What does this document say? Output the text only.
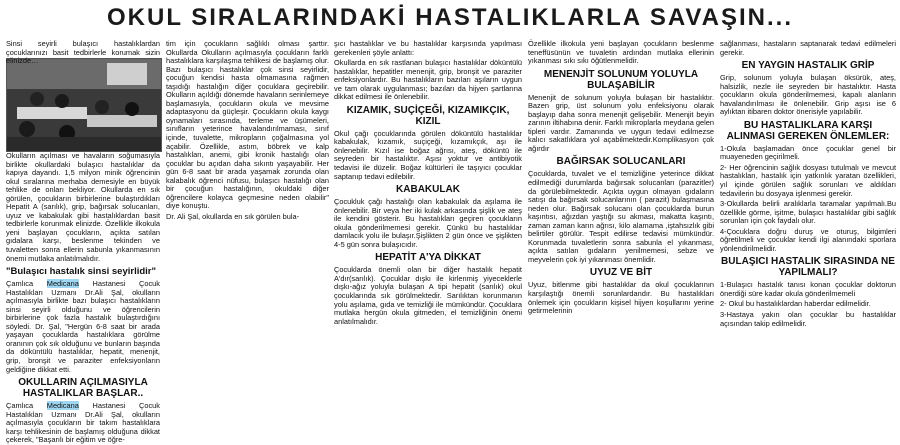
OKUL SIRALARINDAKİ HASTALIKLARLA SAVAŞIN...

Sinsi seyirli bulaşıcı hastalıklardan çocuklarınızı basit tedbirlerle korumak sizin elinizde…

Okulların açılması ve havaların soğumasıyla birlikte okullardaki bulaşıcı hastalıklar da kapıya dayandı. 1,5 milyon minik öğrencinin okul sıralarına merhaba demesiyle en büyük tehlike de onları bekliyor. Okullarda en sık görülen, çocukların birbirlerine bulaştırdıkları Hepatit A (sarılık), grip, bağırsak solucanları, uyuz ve kabakulak gibi hastalıklardan basit tedbirlerle korunmak elinizde. Özellikle ilkokula yeni başlayan çocukların, açıkta satılan gıdalara karşı, beslenme tekinden ve tuvaletten sonra ellerin sabunla yıkanmasının önemi mutlaka anlatılmalıdır.

"Bulaşıcı hastalık sinsi seyirlidir"

Çamlıca Medicana Hastanesi Çocuk Hastalıkları Uzmanı Dr.Ali Şal, okulların açılmasıyla birlikte bazı bulaşıcı hastalıkların sinsi seyirli olduğunu ve öğrencilerin birbirlerine çok fazla hastalık bulaştırdığını söyledi. Dr. Şal, "Hergün 6-8 saat bir arada yaşayan çocuklarda hastalıklara görülme oranının çok sık olduğunu ve bunların başında da döküntülü hastalıklar, hepatit, menenjit, grip, bronşit ve paraziter enfeksiyonların geldiğine dikkat etti.

OKULLARIN AÇILMASIYLA HASTALIKLAR BAŞLAR..

Çamlıca Medicana Hastanesi Çocuk Hastalıkları Uzmanı Dr.Ali Şal, okulların açılmasıyla çocukların bir takım hastalıklara karşı tehlikesinin de başlamış olduğuna dikkat çekerek, "Başarılı bir eğitim ve öğre-

tim için çocukların sağlıklı olması şarttır. Okullarda Okulların açılmasıyla çocukların farklı hastalıklara karşılaşma tehlikesi de başlamış olur. Bazı bulaşıcı hastalıklar çok sinsi seyirlidir, çocuğun kendisi hasta olmamasına rağmen taşıdığı hastalığın diğer çocuklara geçirebilir. Okulların açıldığı dönemde havaların serinlemeye başlamasıyla, çocukların okula ve mevsime adaptasyonu da güçleşir. Çocukların okula kaygı oynamaları sırasında, terleme ve üşümeleri, sınıfların yeterince havalandırılmaması, sınıf içinde, tuvalette, mikropların çoğalmasına yol açabilir. Özellikle, astım, böbrek ve kalp hastalıkları, anemi, gibi kronik hastalığı olan çocuklar bu açıdan daha sıkıntı yaşayabilir. Her gün 6-8 saat bir arada yaşamak zorunda olan kalabalık öğrenci nüfusu, bulaşıcı hastalığı olan bir çocuğun hastalığının, okuldaki diğer öğrencilere kolayca geçmesine neden olabilir" diye konuştu.

Dr. Ali Şal, okullarda en sık görülen bula-

şıcı hastalıklar ve bu hastalıklar karşısında yapılması gerekenleri şöyle anlattı:

Okullarda en sık rastlanan bulaşıcı hastalıklar döküntülü hastalıklar, hepatitler menenjit, grip, bronşit ve paraziter enfeksiyonlardır. Bu hastalıkların bazıları aşıların uygun ve tam olarak uygulanması; bazıları da hijyen şartlarına dikkat edilmesi ile önlenebilir.

KIZAMIK, SUÇİÇEĞİ, KIZAMIKÇIK, KIZIL

Okul çağı çocuklarında görülen döküntülü hastalıklar kabakulak, kızamık, suçiçeği, kızamıkçık, aşı ile önlenebilir. Kızıl ise boğaz ağrısı, ateş, döküntü ile seyreden bir hastalıktır. Aşısı yoktur ve antibiyotik tedavisi ile düzelir. Boğaz kültürleri ile taşıyıcı çocuklar saptanıp tedavi edilebilir.

KABAKULAK

Çocukluk çağı hastalığı olan kabakulak da aşılama ile önlenebilir. Bir veya her iki kulak arkasında şişlik ve ateş ile kendini gösterir. Bu hastalıkları geçiren çocukların okula gönderilmemesi gerekir. Çünkü bu hastalıklar damlacık yolu ile bulaşır.Şişlikten 2 gün önce ve şişlikten 4-5 gün sonra bulaşıcıdır.

HEPATİT A'YA DİKKAT

Çocuklarda önemli olan bir diğer hastalık hepatit A'dır(sarılık). Çocuklar dışkı ile kirlenmiş yiyeceklerle dışkı-ağız yoluyla bulaşan A tipi hepatit (sarılık) okul çocuklarında sık görülmektedir. Sarılıktan korunmanın yolu aşılama, gıda ve temizliği ile mümkündür. Çocuklara mutlaka hergün okula gitmeden, el temizliğinin önemi anlatılmalıdır.

Özellikle ilkokula yeni başlayan çocukların beslenme teneffüsünün ve tuvaletin ardından mutlaka ellerinin yıkanması sıkı sıkı öğütlenmelidir.

MENENJİT SOLUNUM YOLUYLA BULAŞABİLİR

Menenjit de solunum yoluyla bulaşan bir hastalıktır. Bazen grip, üst solunum yolu enfeksiyonu olarak başlayıp daha sonra menenjit gelişebilir. Menenjit beyin zarının iltihabına denir. Farklı mikroplarla meydana gelen tipleri vardır. Zamanında ve uygun tedavi edilmezse kalıcı sakatlıklara yol açabilmektedir.Komplikasyon çok ağırdır

BAĞIRSAK SOLUCANLARI

Çocuklarda, tuvalet ve el temizliğine yeterince dikkat edilmediği durumlarda bağırsak solucanları (parazitler) da görülebilmektedir. Açıkta uygun olmayan gıdaların satışı da bağırsak solucanlarının ( parazit) bulaşmasına neden olur. Bağırsak solucanı olan çocuklarda burun kaşıntısı, ağızdan yaştığı su akması, makatta kaşıntı, zaman zaman karın ağrısı, kilo alamama ,iştahsızlık gibi belirtiler görülür. Tespit edilirse tedavisi mümkündür. Korunmada tuvaletlerin sonra sabunla el yıkanması, açıkta satılan gıdaların yenilmemesi, sebze ve meyvelerin çok iyi yıkanması önemlidir.

UYUZ VE BİT

Uyuz, bitlenme gibi hastalıklar da okul çocuklarının karşılaştığı önemli sorunlardandır. Bu hastalıkları önlemek için çocukların kişisel hijyen koşullarını yerine getirmelerinin

sağlanması, hastaların saptanarak tedavi edilmeleri gerekir.

EN YAYGIN HASTALIK GRİP

Grip, solunum yoluyla bulaşan öksürük, ateş, halsizlik, nezle ile seyreden bir hastalıktır. Hasta çocukların okula gönderilmemesi, kapalı alanların havalandırılması ile önlenebilir. Grip aşısı ise 6 aylıktan itibaren doktor önerisiyle yapılabilir.

BU HASTALIKLARA KARŞI ALINMASI GEREKEN ÖNLEMLER:

1-Okula başlamadan önce çocuklar genel bir muayeneden geçirilmeli.

2- Her öğrencinin sağlık dosyası tutulmalı ve mevcut hastalıkları, hastalık için yatkınlık yaratan özellikleri, yıl içinde görülen sağlık sorunları ve aldıkları tedavilerin bu dosyaya işlenmesi gerekir.

3-Okullarda belirli aralıklarla taramalar yapılmalı.Bu özellikle görme, işitme, bulaşıcı hastalıklar gibi sağlık sorunları için çok faydalı olur.

4-Çocuklara doğru duruş ve oturuş, bilgimleri öğretilmeli ve çocuklar kendi ilgi alanındaki sporlara yönlendirilmelidir.

BULAŞICI HASTALIK SIRASINDA NE YAPILMALI?

1-Bulaşıcı hastalık tanısı konan çocuklar doktorun önerdiği süre kadar okula gönderilmemeli

2- Okul bu hastalıklardan haberdar edilmelidir.

3-Hastaya yakın olan çocuklar bu hastalıklar açısından takip edilmelidir.
